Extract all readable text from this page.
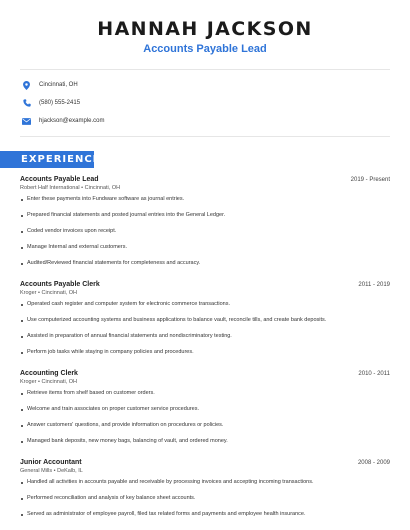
HANNAH JACKSON
Accounts Payable Lead
Cincinnati, OH
(580) 555-2415
hjackson@example.com
EXPERIENCE
Accounts Payable Lead	2019 - Present
Robert Half International • Cincinnati, OH
Enter these payments into Fundware software as journal entries.
Prepared financial statements and posted journal entries into the General Ledger.
Coded vendor invoices upon receipt.
Manage Internal and external customers.
Audited/Reviewed financial statements for completeness and accuracy.
Accounts Payable Clerk	2011 - 2019
Kroger • Cincinnati, OH
Operated cash register and computer system for electronic commerce transactions.
Use computerized accounting systems and business applications to balance vault, reconcile tills, and create bank deposits.
Assisted in preparation of annual financial statements and nondiscriminatory testing.
Perform job tasks while staying in company policies and procedures.
Accounting Clerk	2010 - 2011
Kroger • Cincinnati, OH
Retrieve items from shelf based on customer orders.
Welcome and train associates on proper customer service procedures.
Answer customers' questions, and provide information on procedures or policies.
Managed bank deposits, new money bags, balancing of vault, and ordered money.
Junior Accountant	2008 - 2009
General Mills • DeKalb, IL
Handled all activities in accounts payable and receivable by processing invoices and accepting incoming transactions.
Performed reconciliation and analysis of key balance sheet accounts.
Served as administrator of employee payroll, filed tax related forms and payments and employee health insurance.
